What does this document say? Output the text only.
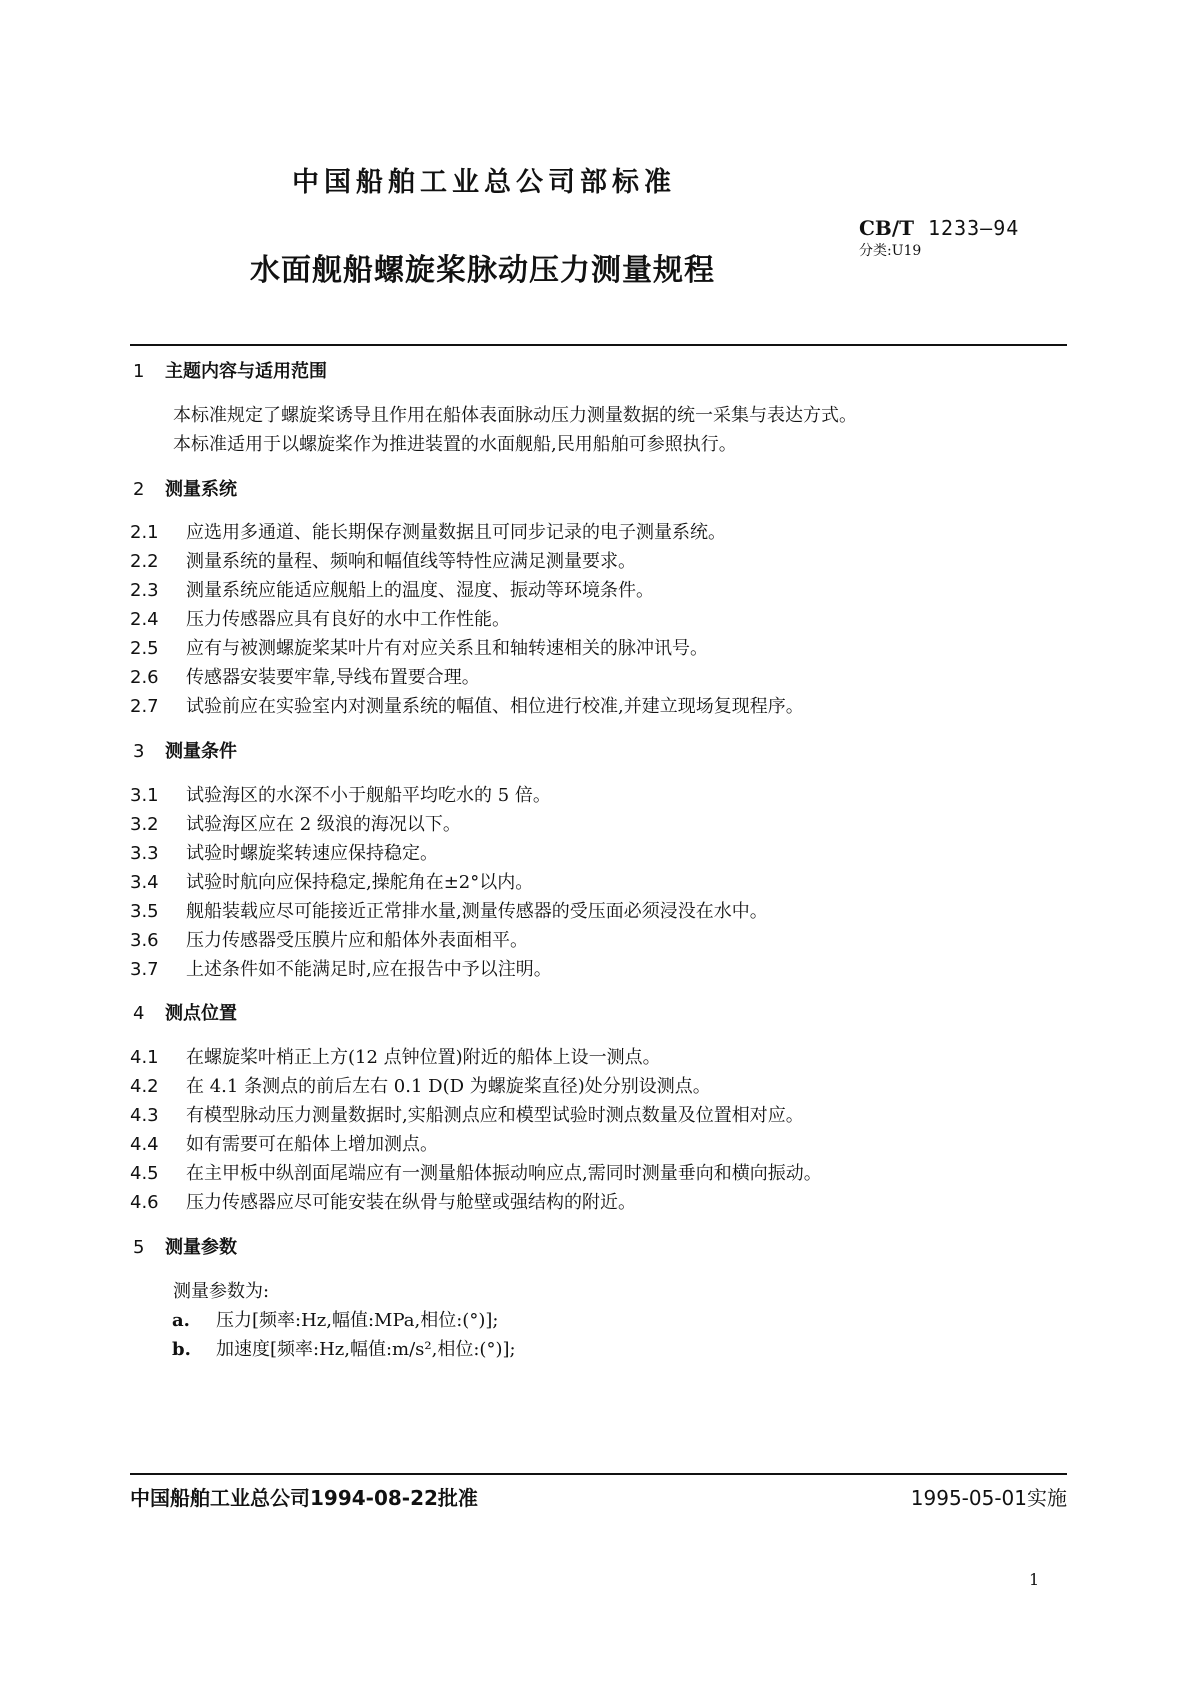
中国船舶工业总公司部标准
CB/T 1233—94
分类:U19
水面舰船螺旋桨脉动压力测量规程
1 主题内容与适用范围
本标准规定了螺旋桨诱导且作用在船体表面脉动压力测量数据的统一采集与表达方式。
本标准适用于以螺旋桨作为推进装置的水面舰船,民用船舶可参照执行。
2 测量系统
2.1 应选用多通道、能长期保存测量数据且可同步记录的电子测量系统。
2.2 测量系统的量程、频响和幅值线等特性应满足测量要求。
2.3 测量系统应能适应舰船上的温度、湿度、振动等环境条件。
2.4 压力传感器应具有良好的水中工作性能。
2.5 应有与被测螺旋桨某叶片有对应关系且和轴转速相关的脉冲讯号。
2.6 传感器安装要牢靠,导线布置要合理。
2.7 试验前应在实验室内对测量系统的幅值、相位进行校准,并建立现场复现程序。
3 测量条件
3.1 试验海区的水深不小于舰船平均吃水的 5 倍。
3.2 试验海区应在 2 级浪的海况以下。
3.3 试验时螺旋桨转速应保持稳定。
3.4 试验时航向应保持稳定,操舵角在±2°以内。
3.5 舰船装载应尽可能接近正常排水量,测量传感器的受压面必须浸没在水中。
3.6 压力传感器受压膜片应和船体外表面相平。
3.7 上述条件如不能满足时,应在报告中予以注明。
4 测点位置
4.1 在螺旋桨叶梢正上方(12 点钟位置)附近的船体上设一测点。
4.2 在 4.1 条测点的前后左右 0.1 D(D 为螺旋桨直径)处分别设测点。
4.3 有模型脉动压力测量数据时,实船测点应和模型试验时测点数量及位置相对应。
4.4 如有需要可在船体上增加测点。
4.5 在主甲板中纵剖面尾端应有一测量船体振动响应点,需同时测量垂向和横向振动。
4.6 压力传感器应尽可能安装在纵骨与舱壁或强结构的附近。
5 测量参数
测量参数为:
a. 压力[频率:Hz,幅值:MPa,相位:(°)];
b. 加速度[频率:Hz,幅值:m/s²,相位:(°)];
中国船舶工业总公司1994-08-22批准	1995-05-01实施
1
